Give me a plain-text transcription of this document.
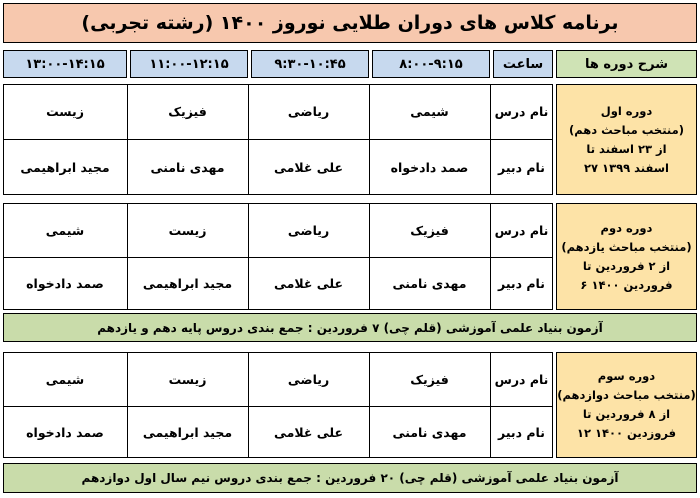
برنامه کلاس های دوران طلایی نوروز ۱۴۰۰ (رشته تجربی)
شرح دوره ها
ساعت
۸:۰۰-۹:۱۵
۹:۳۰-۱۰:۴۵
۱۱:۰۰-۱۲:۱۵
۱۳:۰۰-۱۴:۱۵
دوره اول
(منتخب مباحث دهم)
از ۲۳ اسفند تا
۲۷ اسفند ۱۳۹۹
نام درس
نام دبیر
شیمی
ریاضی
فیزیک
زیست
صمد دادخواه
علی غلامی
مهدی نامنی
مجید ابراهیمی
دوره دوم
(منتخب مباحث یازدهم)
از ۲ فروردین تا
۶ فروردین ۱۴۰۰
نام درس
نام دبیر
فیزیک
ریاضی
زیست
شیمی
مهدی نامنی
علی غلامی
مجید ابراهیمی
صمد دادخواه
آزمون بنیاد علمی آموزشی (قلم چی) ۷ فروردین : جمع بندی دروس پایه دهم و یازدهم
دوره سوم
(منتخب مباحث دوازدهم)
از ۸ فروردین تا
۱۲ فروزدین ۱۴۰۰
نام درس
نام دبیر
فیزیک
ریاضی
زیست
شیمی
مهدی نامنی
علی غلامی
مجید ابراهیمی
صمد دادخواه
آزمون بنیاد علمی آموزشی (قلم چی) ۲۰ فروردین : جمع بندی دروس نیم سال اول دوازدهم
